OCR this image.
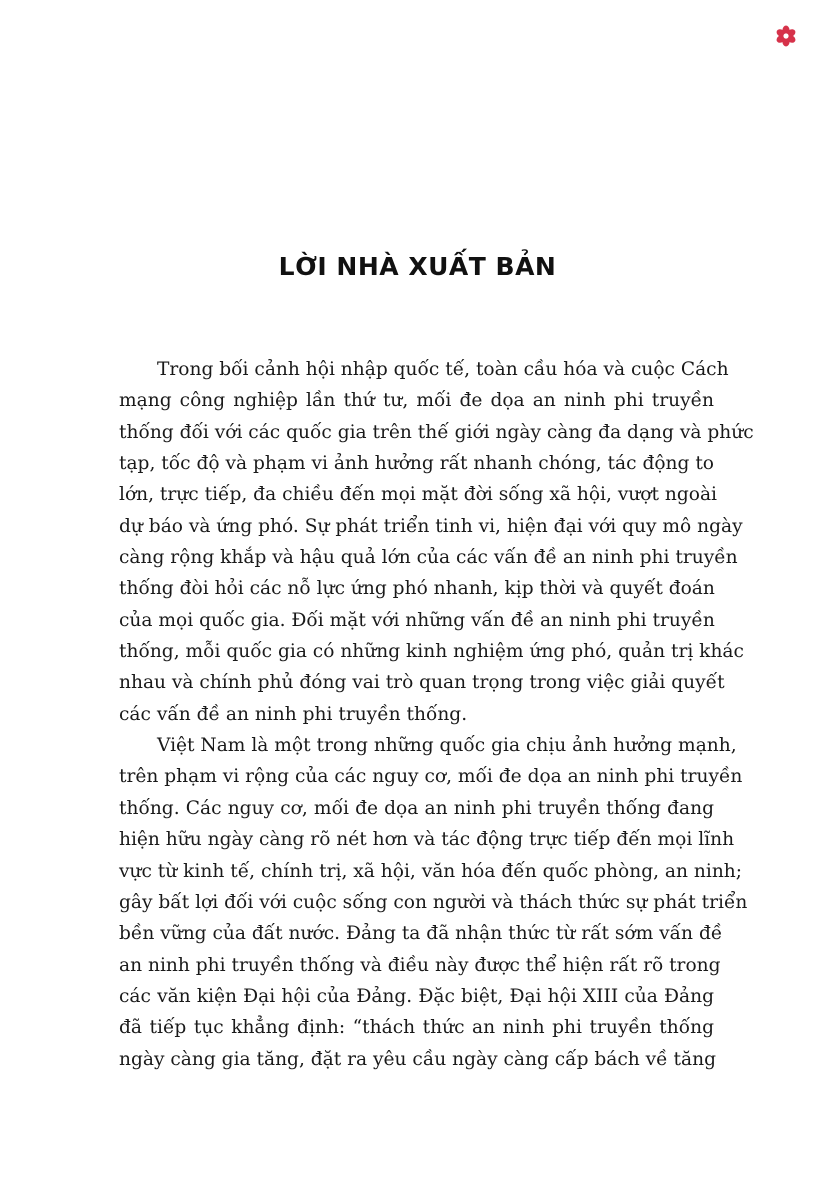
LỜI NHÀ XUẤT BẢN

Trong bối cảnh hội nhập quốc tế, toàn cầu hóa và cuộc Cách
mạng công nghiệp lần thứ tư, mối đe dọa an ninh phi truyền
thống đối với các quốc gia trên thế giới ngày càng đa dạng và phức
tạp, tốc độ và phạm vi ảnh hưởng rất nhanh chóng, tác động to
lớn, trực tiếp, đa chiều đến mọi mặt đời sống xã hội, vượt ngoài
dự báo và ứng phó. Sự phát triển tinh vi, hiện đại với quy mô ngày
càng rộng khắp và hậu quả lớn của các vấn đề an ninh phi truyền
thống đòi hỏi các nỗ lực ứng phó nhanh, kịp thời và quyết đoán
của mọi quốc gia. Đối mặt với những vấn đề an ninh phi truyền
thống, mỗi quốc gia có những kinh nghiệm ứng phó, quản trị khác
nhau và chính phủ đóng vai trò quan trọng trong việc giải quyết
các vấn đề an ninh phi truyền thống.

Việt Nam là một trong những quốc gia chịu ảnh hưởng mạnh,
trên phạm vi rộng của các nguy cơ, mối đe dọa an ninh phi truyền
thống. Các nguy cơ, mối đe dọa an ninh phi truyền thống đang
hiện hữu ngày càng rõ nét hơn và tác động trực tiếp đến mọi lĩnh
vực từ kinh tế, chính trị, xã hội, văn hóa đến quốc phòng, an ninh;
gây bất lợi đối với cuộc sống con người và thách thức sự phát triển
bền vững của đất nước. Đảng ta đã nhận thức từ rất sớm vấn đề
an ninh phi truyền thống và điều này được thể hiện rất rõ trong
các văn kiện Đại hội của Đảng. Đặc biệt, Đại hội XIII của Đảng
đã tiếp tục khẳng định: “thách thức an ninh phi truyền thống
ngày càng gia tăng, đặt ra yêu cầu ngày càng cấp bách về tăng
